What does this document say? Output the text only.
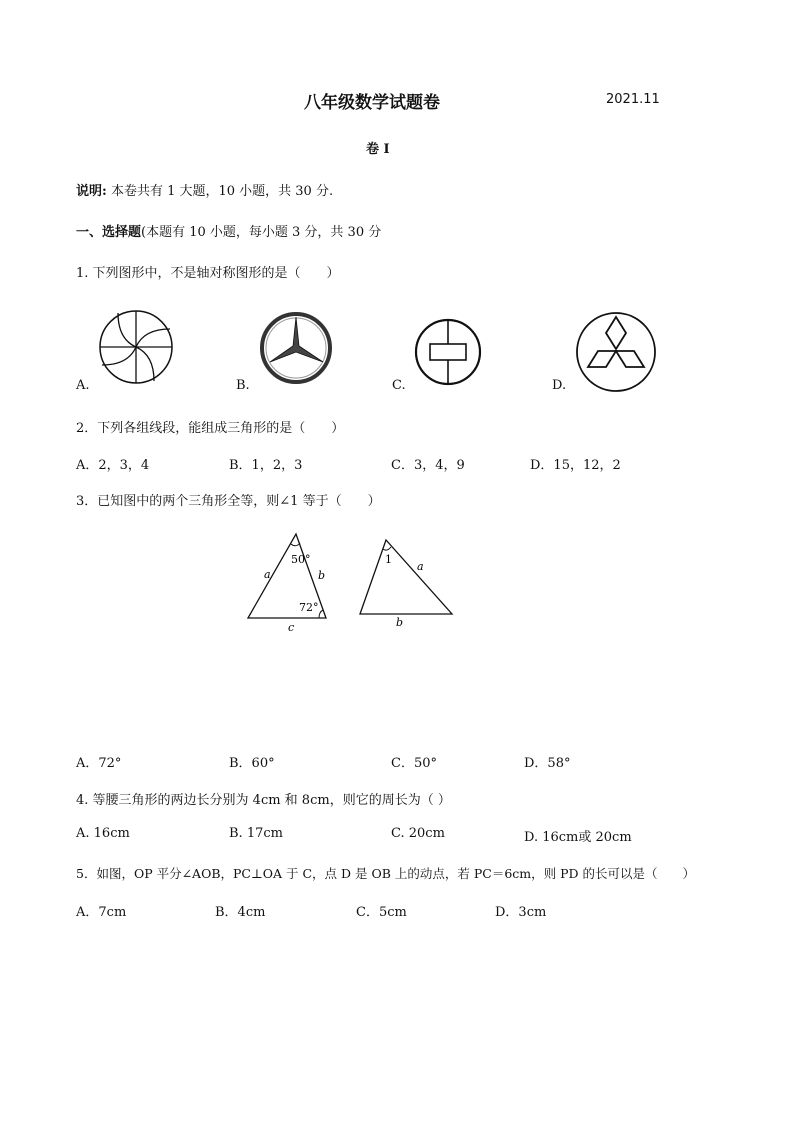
八年级数学试题卷	2021.11
卷 I
说明: 本卷共有 1 大题，10 小题，共 30 分.
一、选择题(本题有 10 小题，每小题 3 分，共 30 分
1. 下列图形中，不是轴对称图形的是（　　）
A.	B.	C.	D.
2．下列各组线段，能组成三角形的是（　　）
A．2，3，4	B．1，2，3	C．3，4，9	D．15，12，2
3．已知图中的两个三角形全等，则∠1 等于（　　）
50°
72°
a	b
c
1
a
b
A．72°	B．60°	C．50°	D．58°
4. 等腰三角形的两边长分别为 4cm 和 8cm，则它的周长为（ ）
A. 16cm	B. 17cm	C. 20cm	D. 16cm或 20cm
5．如图，OP 平分∠AOB，PC⊥OA 于 C，点 D 是 OB 上的动点，若 PC＝6cm，则 PD 的长可以是（　　）
A．7cm	B．4cm	C．5cm	D．3cm
